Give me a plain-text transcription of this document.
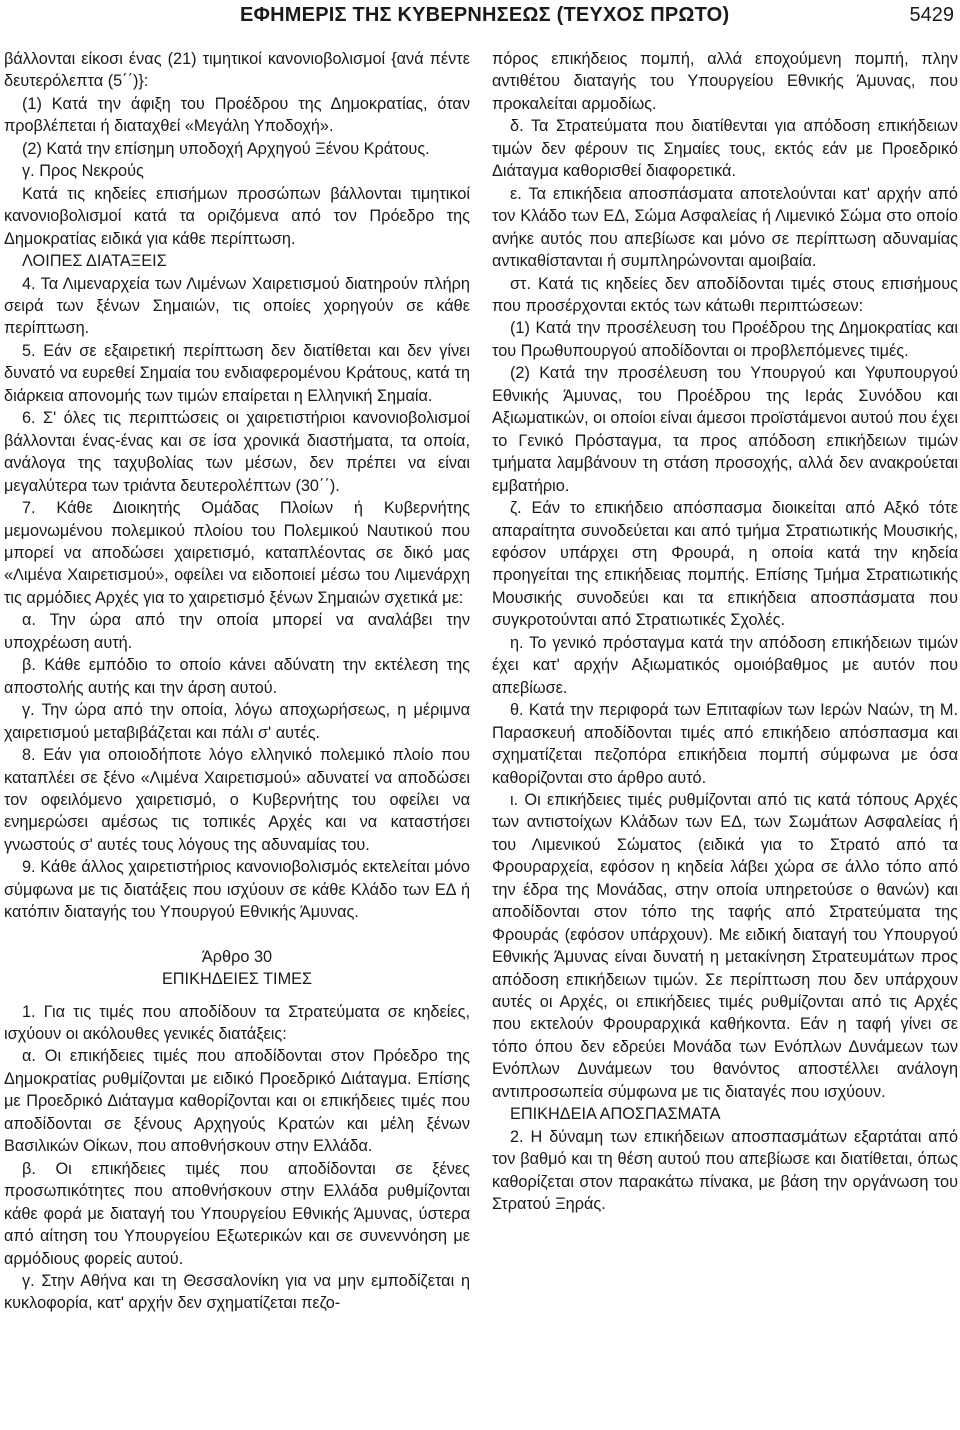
ΕΦΗΜΕΡΙΣ ΤΗΣ ΚΥΒΕΡΝΗΣΕΩΣ (ΤΕΥΧΟΣ ΠΡΩΤΟ)	5429

βάλλονται είκοσι ένας (21) τιμητικοί κανονιοβολισμοί {ανά πέντε δευτερόλεπτα (5΄΄)}:

(1) Κατά την άφιξη του Προέδρου της Δημοκρατίας, όταν προβλέπεται ή διαταχθεί «Μεγάλη Υποδοχή».

(2) Κατά την επίσημη υποδοχή Αρχηγού Ξένου Κράτους.

γ. Προς Νεκρούς

Κατά τις κηδείες επισήμων προσώπων βάλλονται τιμητικοί κανονιοβολισμοί κατά τα οριζόμενα από τον Πρόεδρο της Δημοκρατίας ειδικά για κάθε περίπτωση.

ΛΟΙΠΕΣ ΔΙΑΤΑΞΕΙΣ

4. Τα Λιμεναρχεία των Λιμένων Χαιρετισμού διατηρούν πλήρη σειρά των ξένων Σημαιών, τις οποίες χορηγούν σε κάθε περίπτωση.

5. Εάν σε εξαιρετική περίπτωση δεν διατίθεται και δεν γίνει δυνατό να ευρεθεί Σημαία του ενδιαφερομένου Κράτους, κατά τη διάρκεια απονομής των τιμών επαίρεται η Ελληνική Σημαία.

6. Σ' όλες τις περιπτώσεις οι χαιρετιστήριοι κανονιοβολισμοί βάλλονται ένας-ένας και σε ίσα χρονικά διαστήματα, τα οποία, ανάλογα της ταχυβολίας των μέσων, δεν πρέπει να είναι μεγαλύτερα των τριάντα δευτερολέπτων (30΄΄).

7. Κάθε Διοικητής Ομάδας Πλοίων ή Κυβερνήτης μεμονωμένου πολεμικού πλοίου του Πολεμικού Ναυτικού που μπορεί να αποδώσει χαιρετισμό, καταπλέοντας σε δικό μας «Λιμένα Χαιρετισμού», οφείλει να ειδοποιεί μέσω του Λιμενάρχη τις αρμόδιες Αρχές για το χαιρετισμό ξένων Σημαιών σχετικά με:

α. Την ώρα από την οποία μπορεί να αναλάβει την υποχρέωση αυτή.

β. Κάθε εμπόδιο το οποίο κάνει αδύνατη την εκτέλεση της αποστολής αυτής και την άρση αυτού.

γ. Την ώρα από την οποία, λόγω αποχωρήσεως, η μέριμνα χαιρετισμού μεταβιβάζεται και πάλι σ' αυτές.

8. Εάν για οποιοδήποτε λόγο ελληνικό πολεμικό πλοίο που καταπλέει σε ξένο «Λιμένα Χαιρετισμού» αδυνατεί να αποδώσει τον οφειλόμενο χαιρετισμό, ο Κυβερνήτης του οφείλει να ενημερώσει αμέσως τις τοπικές Αρχές και να καταστήσει γνωστούς σ' αυτές τους λόγους της αδυναμίας του.

9. Κάθε άλλος χαιρετιστήριος κανονιοβολισμός εκτελείται μόνο σύμφωνα με τις διατάξεις που ισχύουν σε κάθε Κλάδο των ΕΔ ή κατόπιν διαταγής του Υπουργού Εθνικής Άμυνας.

Άρθρο 30

ΕΠΙΚΗΔΕΙΕΣ ΤΙΜΕΣ

1. Για τις τιμές που αποδίδουν τα Στρατεύματα σε κηδείες, ισχύουν οι ακόλουθες γενικές διατάξεις:

α. Οι επικήδειες τιμές που αποδίδονται στον Πρόεδρο της Δημοκρατίας ρυθμίζονται με ειδικό Προεδρικό Διάταγμα. Επίσης με Προεδρικό Διάταγμα καθορίζονται και οι επικήδειες τιμές που αποδίδονται σε ξένους Αρχηγούς Κρατών και μέλη ξένων Βασιλικών Οίκων, που αποθνήσκουν στην Ελλάδα.

β. Οι επικήδειες τιμές που αποδίδονται σε ξένες προσωπικότητες που αποθνήσκουν στην Ελλάδα ρυθμίζονται κάθε φορά με διαταγή του Υπουργείου Εθνικής Άμυνας, ύστερα από αίτηση του Υπουργείου Εξωτερικών και σε συνεννόηση με αρμόδιους φορείς αυτού.

γ. Στην Αθήνα και τη Θεσσαλονίκη για να μην εμποδίζεται η κυκλοφορία, κατ' αρχήν δεν σχηματίζεται πεζο-

πόρος επικήδειος πομπή, αλλά εποχούμενη πομπή, πλην αντιθέτου διαταγής του Υπουργείου Εθνικής Άμυνας, που προκαλείται αρμοδίως.

δ. Τα Στρατεύματα που διατίθενται για απόδοση επικήδειων τιμών δεν φέρουν τις Σημαίες τους, εκτός εάν με Προεδρικό Διάταγμα καθορισθεί διαφορετικά.

ε. Τα επικήδεια αποσπάσματα αποτελούνται κατ' αρχήν από τον Κλάδο των ΕΔ, Σώμα Ασφαλείας ή Λιμενικό Σώμα στο οποίο ανήκε αυτός που απεβίωσε και μόνο σε περίπτωση αδυναμίας αντικαθίστανται ή συμπληρώνονται αμοιβαία.

στ. Κατά τις κηδείες δεν αποδίδονται τιμές στους επισήμους που προσέρχονται εκτός των κάτωθι περιπτώσεων:

(1) Κατά την προσέλευση του Προέδρου της Δημοκρατίας και του Πρωθυπουργού αποδίδονται οι προβλεπόμενες τιμές.

(2) Κατά την προσέλευση του Υπουργού και Υφυπουργού Εθνικής Άμυνας, του Προέδρου της Ιεράς Συνόδου και Αξιωματικών, οι οποίοι είναι άμεσοι προϊστάμενοι αυτού που έχει το Γενικό Πρόσταγμα, τα προς απόδοση επικήδειων τιμών τμήματα λαμβάνουν τη στάση προσοχής, αλλά δεν ανακρούεται εμβατήριο.

ζ. Εάν το επικήδειο απόσπασμα διοικείται από Αξκό τότε απαραίτητα συνοδεύεται και από τμήμα Στρατιωτικής Μουσικής, εφόσον υπάρχει στη Φρουρά, η οποία κατά την κηδεία προηγείται της επικήδειας πομπής. Επίσης Τμήμα Στρατιωτικής Μουσικής συνοδεύει και τα επικήδεια αποσπάσματα που συγκροτούνται από Στρατιωτικές Σχολές.

η. Το γενικό πρόσταγμα κατά την απόδοση επικήδειων τιμών έχει κατ' αρχήν Αξιωματικός ομοιόβαθμος με αυτόν που απεβίωσε.

θ. Κατά την περιφορά των Επιταφίων των Ιερών Ναών, τη Μ. Παρασκευή αποδίδονται τιμές από επικήδειο απόσπασμα και σχηματίζεται πεζοπόρα επικήδεια πομπή σύμφωνα με όσα καθορίζονται στο άρθρο αυτό.

ι. Οι επικήδειες τιμές ρυθμίζονται από τις κατά τόπους Αρχές των αντιστοίχων Κλάδων των ΕΔ, των Σωμάτων Ασφαλείας ή του Λιμενικού Σώματος (ειδικά για το Στρατό από τα Φρουραρχεία, εφόσον η κηδεία λάβει χώρα σε άλλο τόπο από την έδρα της Μονάδας, στην οποία υπηρετούσε ο θανών) και αποδίδονται στον τόπο της ταφής από Στρατεύματα της Φρουράς (εφόσον υπάρχουν). Με ειδική διαταγή του Υπουργού Εθνικής Άμυνας είναι δυνατή η μετακίνηση Στρατευμάτων προς απόδοση επικήδειων τιμών. Σε περίπτωση που δεν υπάρχουν αυτές οι Αρχές, οι επικήδειες τιμές ρυθμίζονται από τις Αρχές που εκτελούν Φρουραρχικά καθήκοντα. Εάν η ταφή γίνει σε τόπο όπου δεν εδρεύει Μονάδα των Ενόπλων Δυνάμεων των Ενόπλων Δυνάμεων του θανόντος αποστέλλει ανάλογη αντιπροσωπεία σύμφωνα με τις διαταγές που ισχύουν.

ΕΠΙΚΗΔΕΙΑ ΑΠΟΣΠΑΣΜΑΤΑ

2. Η δύναμη των επικήδειων αποσπασμάτων εξαρτάται από τον βαθμό και τη θέση αυτού που απεβίωσε και διατίθεται, όπως καθορίζεται στον παρακάτω πίνακα, με βάση την οργάνωση του Στρατού Ξηράς.
